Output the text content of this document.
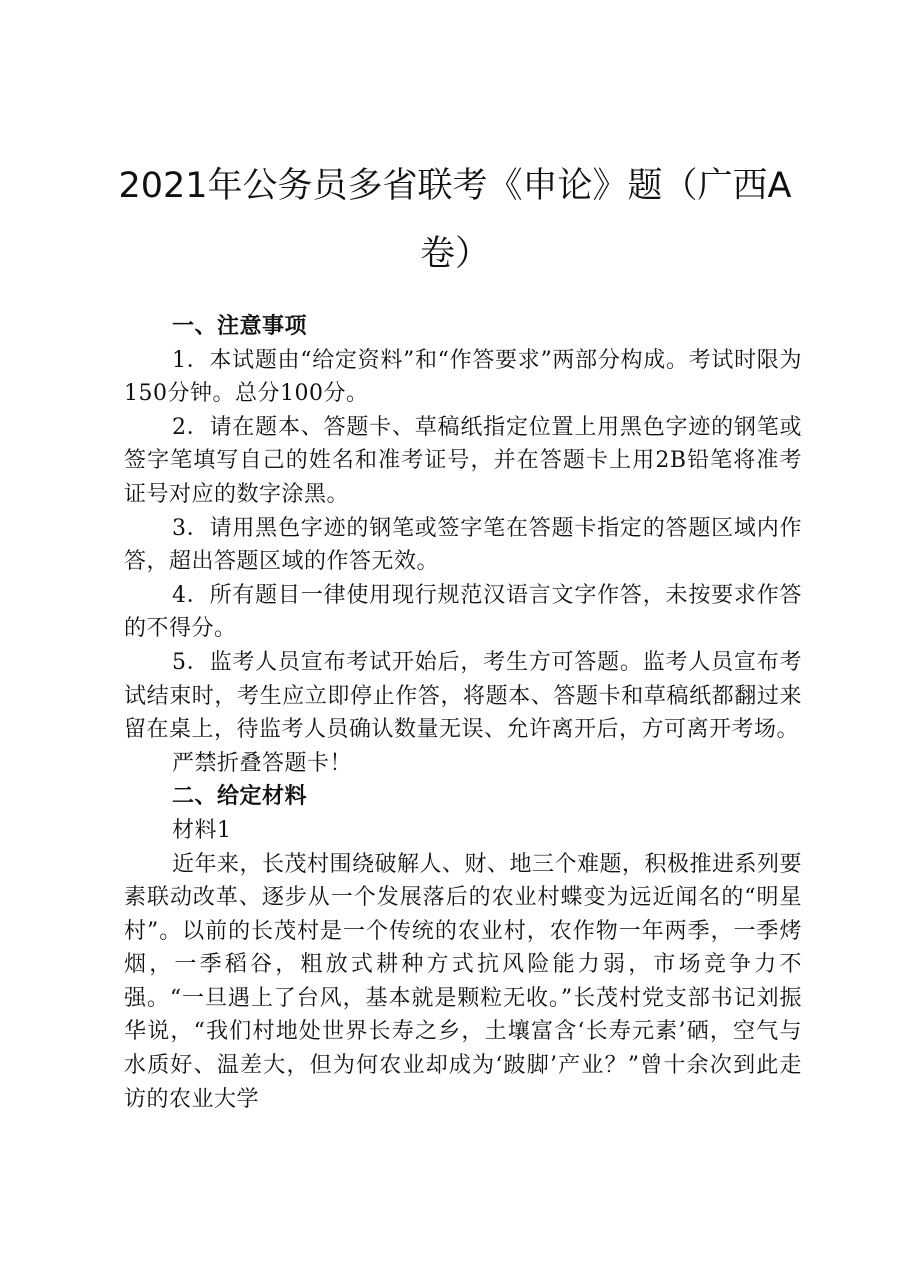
2021年公务员多省联考《申论》题（广西A卷）

一、注意事项

1．本试题由“给定资料”和“作答要求”两部分构成。考试时限为150分钟。总分100分。

2．请在题本、答题卡、草稿纸指定位置上用黑色字迹的钢笔或签字笔填写自己的姓名和准考证号，并在答题卡上用2B铅笔将准考证号对应的数字涂黑。

3．请用黑色字迹的钢笔或签字笔在答题卡指定的答题区域内作答，超出答题区域的作答无效。

4．所有题目一律使用现行规范汉语言文字作答，未按要求作答的不得分。

5．监考人员宣布考试开始后，考生方可答题。监考人员宣布考试结束时，考生应立即停止作答，将题本、答题卡和草稿纸都翻过来留在桌上，待监考人员确认数量无误、允许离开后，方可离开考场。

严禁折叠答题卡！

二、给定材料

材料1

近年来，长茂村围绕破解人、财、地三个难题，积极推进系列要素联动改革、逐步从一个发展落后的农业村蝶变为远近闻名的“明星村”。以前的长茂村是一个传统的农业村，农作物一年两季，一季烤烟，一季稻谷，粗放式耕种方式抗风险能力弱，市场竞争力不强。“一旦遇上了台风，基本就是颗粒无收。”长茂村党支部书记刘振华说，“我们村地处世界长寿之乡，土壤富含‘长寿元素’硒，空气与水质好、温差大，但为何农业却成为‘跛脚’产业？”曾十余次到此走访的农业大学
